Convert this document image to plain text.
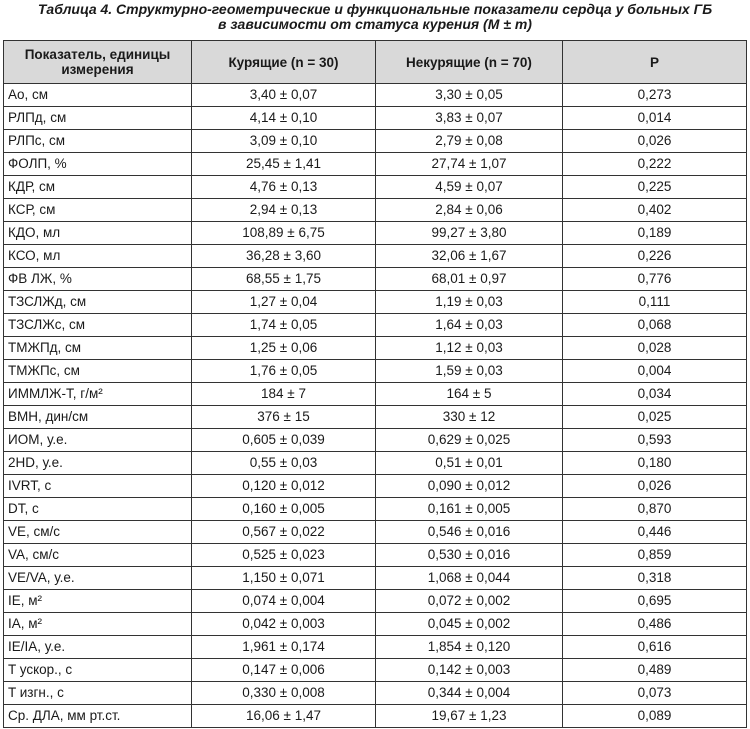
Таблица 4. Структурно-геометрические и функциональные показатели сердца у больных ГБ
в зависимости от статуса курения (М ± m)
Показатель, единицы измерения	Курящие (n = 30)	Некурящие (n = 70)	P
Ао, см	3,40 ± 0,07	3,30 ± 0,05	0,273
РЛПд, см	4,14 ± 0,10	3,83 ± 0,07	0,014
РЛПс, см	3,09 ± 0,10	2,79 ± 0,08	0,026
ФОЛП, %	25,45 ± 1,41	27,74 ± 1,07	0,222
КДР, см	4,76 ± 0,13	4,59 ± 0,07	0,225
КСР, см	2,94 ± 0,13	2,84 ± 0,06	0,402
КДО, мл	108,89 ± 6,75	99,27 ± 3,80	0,189
КСО, мл	36,28 ± 3,60	32,06 ± 1,67	0,226
ФВ ЛЖ, %	68,55 ± 1,75	68,01 ± 0,97	0,776
ТЗСЛЖд, см	1,27 ± 0,04	1,19 ± 0,03	0,111
ТЗСЛЖс, см	1,74 ± 0,05	1,64 ± 0,03	0,068
ТМЖПд, см	1,25 ± 0,06	1,12 ± 0,03	0,028
ТМЖПс, см	1,76 ± 0,05	1,59 ± 0,03	0,004
ИММЛЖ-Т, г/м²	184 ± 7	164 ± 5	0,034
ВМН, дин/см	376 ± 15	330 ± 12	0,025
ИОМ, у.е.	0,605 ± 0,039	0,629 ± 0,025	0,593
2HD, у.е.	0,55 ± 0,03	0,51 ± 0,01	0,180
IVRT, с	0,120 ± 0,012	0,090 ± 0,012	0,026
DT, с	0,160 ± 0,005	0,161 ± 0,005	0,870
VE, см/с	0,567 ± 0,022	0,546 ± 0,016	0,446
VA, см/с	0,525 ± 0,023	0,530 ± 0,016	0,859
VE/VA, у.е.	1,150 ± 0,071	1,068 ± 0,044	0,318
IE, м²	0,074 ± 0,004	0,072 ± 0,002	0,695
IA, м²	0,042 ± 0,003	0,045 ± 0,002	0,486
IE/IA, у.е.	1,961 ± 0,174	1,854 ± 0,120	0,616
T ускор., с	0,147 ± 0,006	0,142 ± 0,003	0,489
T изгн., с	0,330 ± 0,008	0,344 ± 0,004	0,073
Ср. ДЛА, мм рт.ст.	16,06 ± 1,47	19,67 ± 1,23	0,089
